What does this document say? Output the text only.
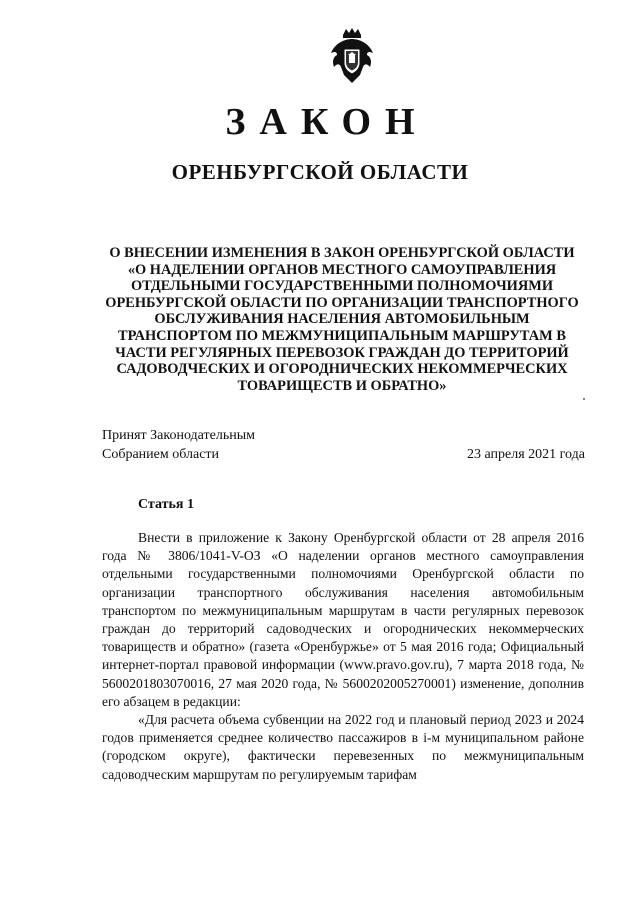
ЗАКОН
ОРЕНБУРГСКОЙ ОБЛАСТИ
О ВНЕСЕНИИ ИЗМЕНЕНИЯ В ЗАКОН ОРЕНБУРГСКОЙ ОБЛАСТИ «О НАДЕЛЕНИИ ОРГАНОВ МЕСТНОГО САМОУПРАВЛЕНИЯ ОТДЕЛЬНЫМИ ГОСУДАРСТВЕННЫМИ ПОЛНОМОЧИЯМИ ОРЕНБУРГСКОЙ ОБЛАСТИ ПО ОРГАНИЗАЦИИ ТРАНСПОРТНОГО ОБСЛУЖИВАНИЯ НАСЕЛЕНИЯ АВТОМОБИЛЬНЫМ ТРАНСПОРТОМ ПО МЕЖМУНИЦИПАЛЬНЫМ МАРШРУТАМ В ЧАСТИ РЕГУЛЯРНЫХ ПЕРЕВОЗОК ГРАЖДАН ДО ТЕРРИТОРИЙ САДОВОДЧЕСКИХ И ОГОРОДНИЧЕСКИХ НЕКОММЕРЧЕСКИХ ТОВАРИЩЕСТВ И ОБРАТНО»
Принят Законодательным
Собранием области	23 апреля 2021 года
Статья 1

Внести в приложение к Закону Оренбургской области от 28 апреля 2016 года № 3806/1041-V-ОЗ «О наделении органов местного самоуправления отдельными государственными полномочиями Оренбургской области по организации транспортного обслуживания населения автомобильным транспортом по межмуниципальным маршрутам в части регулярных перевозок граждан до территорий садоводческих и огороднических некоммерческих товариществ и обратно» (газета «Оренбуржье» от 5 мая 2016 года; Официальный интернет-портал правовой информации (www.pravo.gov.ru), 7 марта 2018 года, № 5600201803070016, 27 мая 2020 года, № 5600202005270001) изменение, дополнив его абзацем в редакции:

«Для расчета объема субвенции на 2022 год и плановый период 2023 и 2024 годов применяется среднее количество пассажиров в i-м муниципальном районе (городском округе), фактически перевезенных по межмуниципальным садоводческим маршрутам по регулируемым тарифам
